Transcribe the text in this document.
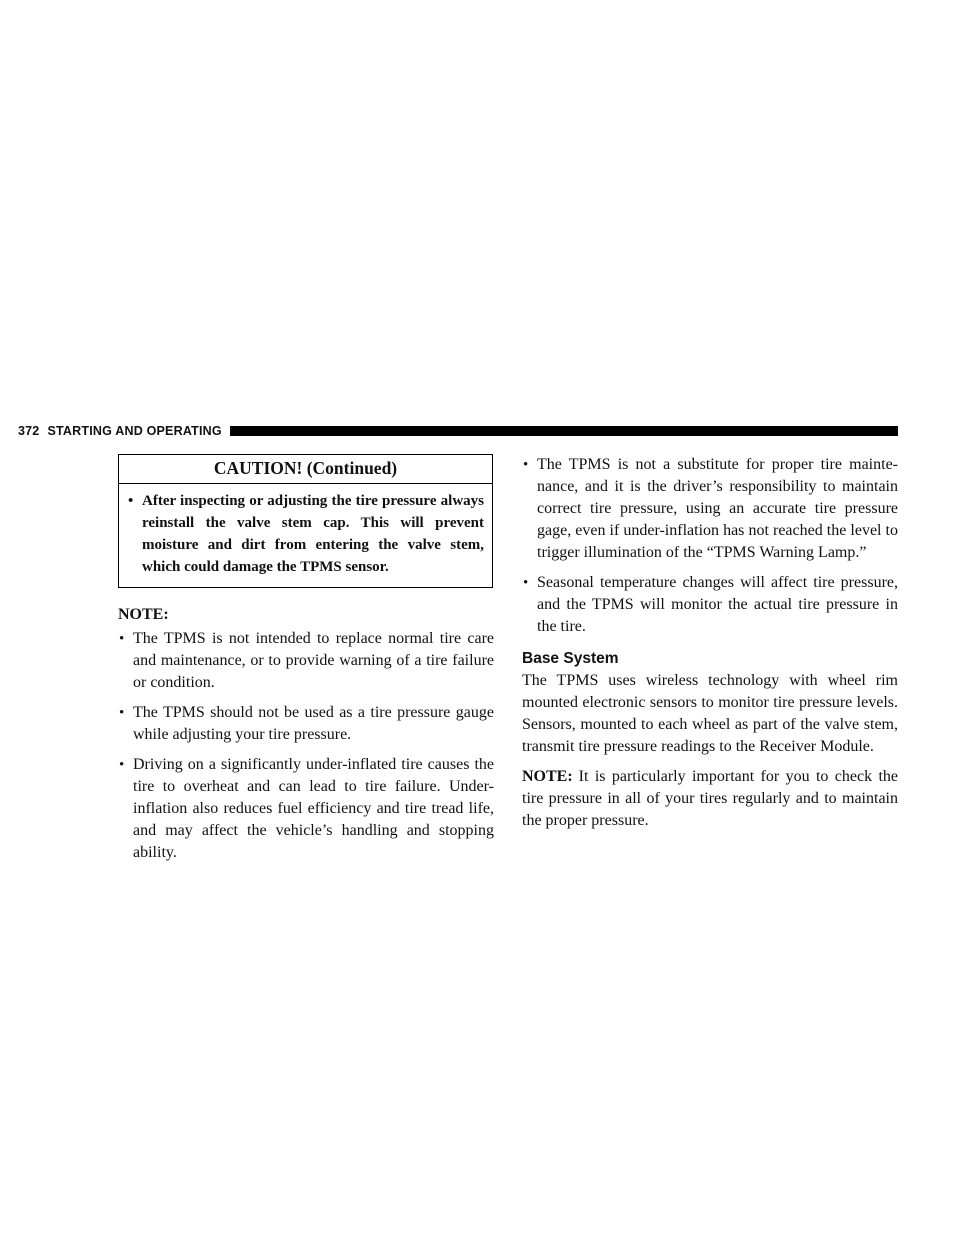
372 STARTING AND OPERATING
CAUTION! (Continued)
• After inspecting or adjusting the tire pressure always reinstall the valve stem cap. This will prevent moisture and dirt from entering the valve stem, which could damage the TPMS sensor.
NOTE:
• The TPMS is not intended to replace normal tire care and maintenance, or to provide warning of a tire failure or condition.
• The TPMS should not be used as a tire pressure gauge while adjusting your tire pressure.
• Driving on a significantly under-inflated tire causes the tire to overheat and can lead to tire failure. Under-inflation also reduces fuel efficiency and tire tread life, and may affect the vehicle’s handling and stopping ability.
• The TPMS is not a substitute for proper tire maintenance, and it is the driver’s responsibility to maintain correct tire pressure, using an accurate tire pressure gage, even if under-inflation has not reached the level to trigger illumination of the “TPMS Warning Lamp.”
• Seasonal temperature changes will affect tire pressure, and the TPMS will monitor the actual tire pressure in the tire.
Base System
The TPMS uses wireless technology with wheel rim mounted electronic sensors to monitor tire pressure levels. Sensors, mounted to each wheel as part of the valve stem, transmit tire pressure readings to the Receiver Module.
NOTE: It is particularly important for you to check the tire pressure in all of your tires regularly and to maintain the proper pressure.
